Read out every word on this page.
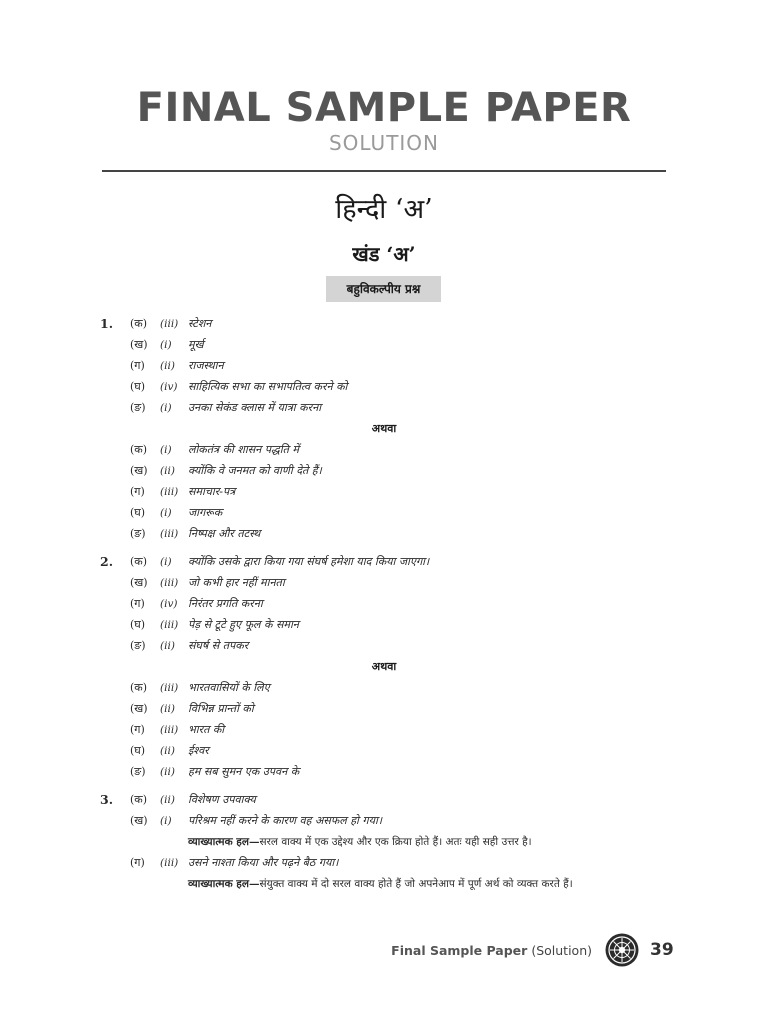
FINAL SAMPLE PAPER
SOLUTION
हिन्दी ‘अ’
खंड ‘अ’
बहुविकल्पीय प्रश्न
1. (क) (iii) स्टेशन
(ख) (i) मूर्ख
(ग) (ii) राजस्थान
(घ) (iv) साहित्यिक सभा का सभापतित्व करने को
(ङ) (i) उनका सेकंड क्लास में यात्रा करना
अथवा
(क) (i) लोकतंत्र की शासन पद्धति में
(ख) (ii) क्योंकि वे जनमत को वाणी देते हैं।
(ग) (iii) समाचार-पत्र
(घ) (i) जागरूक
(ङ) (iii) निष्पक्ष और तटस्थ
2. (क) (i) क्योंकि उसके द्वारा किया गया संघर्ष हमेशा याद किया जाएगा।
(ख) (iii) जो कभी हार नहीं मानता
(ग) (iv) निरंतर प्रगति करना
(घ) (iii) पेड़ से टूटे हुए फूल के समान
(ङ) (ii) संघर्ष से तपकर
अथवा
(क) (iii) भारतवासियों के लिए
(ख) (ii) विभिन्न प्रान्तों को
(ग) (iii) भारत की
(घ) (ii) ईश्वर
(ङ) (ii) हम सब सुमन एक उपवन के
3. (क) (ii) विशेषण उपवाक्य
(ख) (i) परिश्रम नहीं करने के कारण वह असफल हो गया।
व्याख्यात्मक हल—सरल वाक्य में एक उद्देश्य और एक क्रिया होते हैं। अतः यही सही उत्तर है।
(ग) (iii) उसने नाश्ता किया और पढ़ने बैठ गया।
व्याख्यात्मक हल—संयुक्त वाक्य में दो सरल वाक्य होते हैं जो अपनेआप में पूर्ण अर्थ को व्यक्त करते हैं।
Final Sample Paper (Solution)	39
